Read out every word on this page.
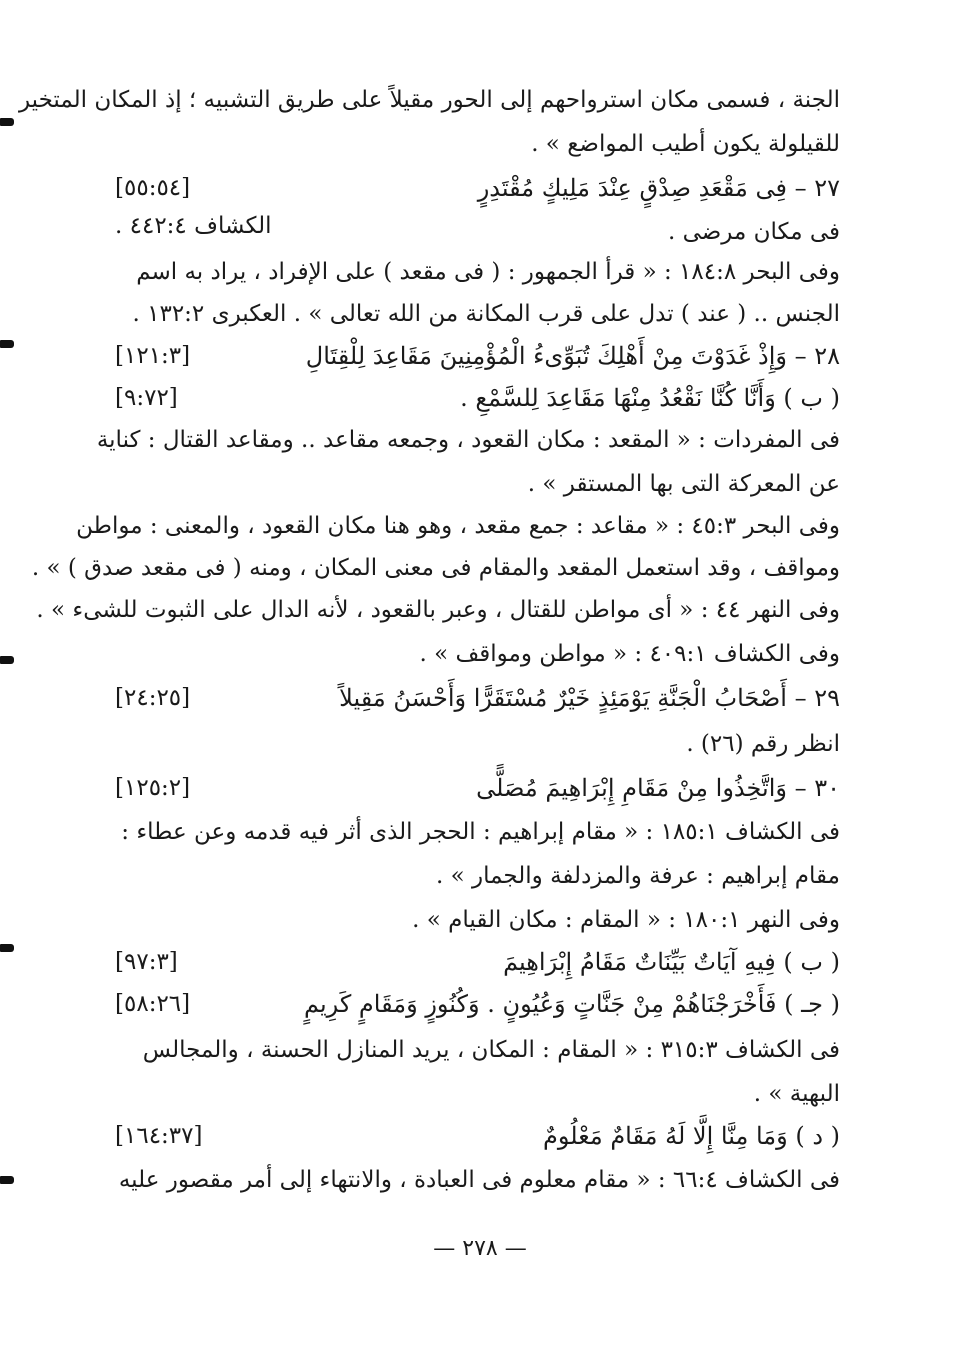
الجنة ، فسمى مكان استرواحهم إلى الحور مقيلاً على طريق التشبيه ؛ إذ المكان المتخير
للقيلولة يكون أطيب المواضع » .
٢٧ – فِى مَقْعَدِ صِدْقٍ عِنْدَ مَلِيكٍ مُقْتَدِرٍ
[٥٥:٥٤]
فى مكان مرضى .
الكشاف ٤٤٢:٤ .
وفى البحر ١٨٤:٨ : « قرأ الجمهور : ( فى مقعد ) على الإفراد ، يراد به اسم
الجنس .. ( عند ) تدل على قرب المكانة من الله تعالى » . العكبرى ١٣٢:٢ .
٢٨ – وَإِذْ غَدَوْتَ مِنْ أَهْلِكَ تُبَوِّىءُ الْمُؤْمِنِينَ مَقَاعِدَ لِلْقِتَالِ
[١٢١:٣]
( ب ) وَأَنَّا كُنَّا نَقْعُدُ مِنْهَا مَقَاعِدَ لِلسَّمْعِ .
[٩:٧٢]
فى المفردات : « المقعد : مكان القعود ، وجمعه مقاعد .. ومقاعد القتال : كناية
عن المعركة التى بها المستقر » .
وفى البحر ٤٥:٣ : « مقاعد : جمع مقعد ، وهو هنا مكان القعود ، والمعنى : مواطن
ومواقف ، وقد استعمل المقعد والمقام فى معنى المكان ، ومنه ( فى مقعد صدق ) » .
وفى النهر ٤٤ : « أى مواطن للقتال ، وعبر بالقعود ، لأنه الدال على الثبوت للشىء » .
وفى الكشاف ٤٠٩:١ : « مواطن ومواقف » .
٢٩ – أَصْحَابُ الْجَنَّةِ يَوْمَئِذٍ خَيْرٌ مُسْتَقَرًّا وَأَحْسَنُ مَقِيلاً
[٢٤:٢٥]
انظر رقم (٢٦) .
٣٠ – وَاتَّخِذُوا مِنْ مَقَامِ إِبْرَاهِيمَ مُصَلًّى
[١٢٥:٢]
فى الكشاف ١٨٥:١ : « مقام إبراهيم : الحجر الذى أثر فيه قدمه وعن عطاء :
مقام إبراهيم : عرفة والمزدلفة والجمار » .
وفى النهر ١٨٠:١ : « المقام : مكان القيام » .
( ب ) فِيهِ آيَاتٌ بَيِّنَاتٌ مَقَامُ إِبْرَاهِيمَ
[٩٧:٣]
( جـ ) فَأَخْرَجْنَاهُمْ مِنْ جَنَّاتٍ وَعُيُونٍ . وَكُنُوزٍ وَمَقَامٍ كَرِيمٍ
[٥٨:٢٦]
فى الكشاف ٣١٥:٣ : « المقام : المكان ، يريد المنازل الحسنة ، والمجالس
البهية » .
( د ) وَمَا مِنَّا إِلَّا لَهُ مَقَامٌ مَعْلُومٌ
[١٦٤:٣٧]
فى الكشاف ٦٦:٤ : « مقام معلوم فى العبادة ، والانتهاء إلى أمر مقصور عليه
— ٢٧٨ —
